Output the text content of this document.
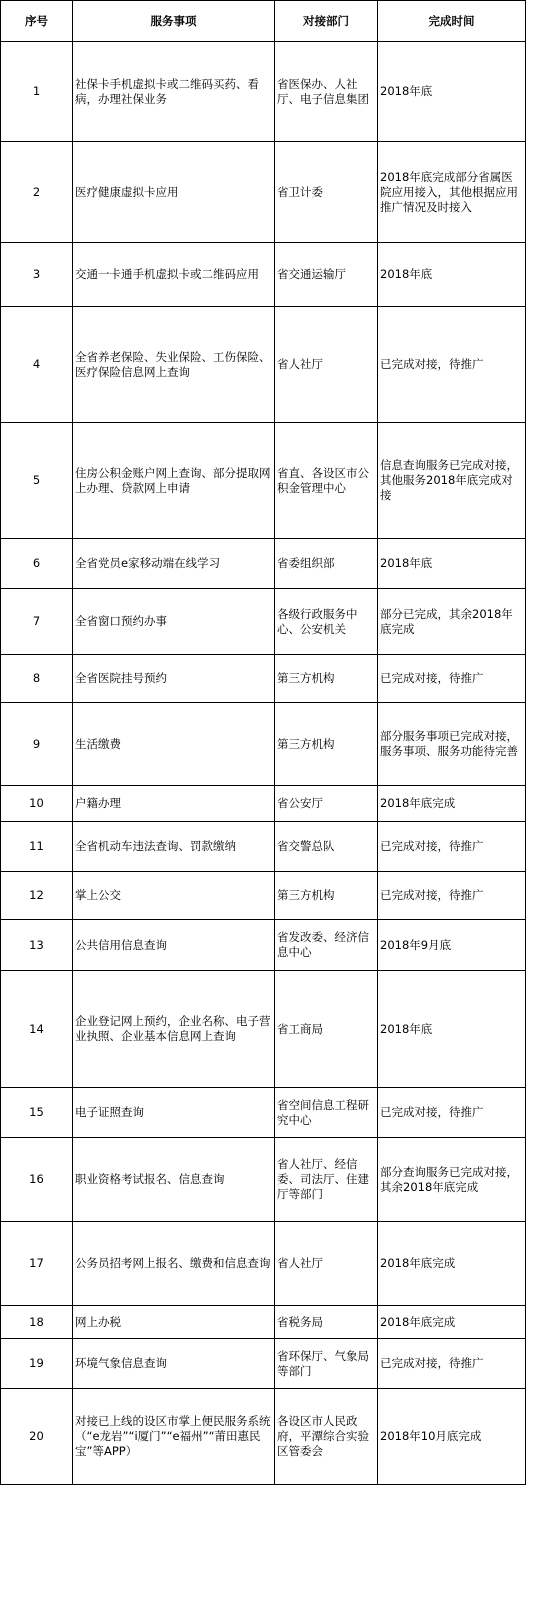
序号	服务事项	对接部门	完成时间
1	社保卡手机虚拟卡或二维码买药、看病，办理社保业务	省医保办、人社厅、电子信息集团	2018年底
2	医疗健康虚拟卡应用	省卫计委	2018年底完成部分省属医院应用接入，其他根据应用推广情况及时接入
3	交通一卡通手机虚拟卡或二维码应用	省交通运输厅	2018年底
4	全省养老保险、失业保险、工伤保险、医疗保险信息网上查询	省人社厅	已完成对接，待推广
5	住房公积金账户网上查询、部分提取网上办理、贷款网上申请	省直、各设区市公积金管理中心	信息查询服务已完成对接，其他服务2018年底完成对接
6	全省党员e家移动端在线学习	省委组织部	2018年底
7	全省窗口预约办事	各级行政服务中心、公安机关	部分已完成，其余2018年底完成
8	全省医院挂号预约	第三方机构	已完成对接，待推广
9	生活缴费	第三方机构	部分服务事项已完成对接，服务事项、服务功能待完善
10	户籍办理	省公安厅	2018年底完成
11	全省机动车违法查询、罚款缴纳	省交警总队	已完成对接，待推广
12	掌上公交	第三方机构	已完成对接，待推广
13	公共信用信息查询	省发改委、经济信息中心	2018年9月底
14	企业登记网上预约，企业名称、电子营业执照、企业基本信息网上查询	省工商局	2018年底
15	电子证照查询	省空间信息工程研究中心	已完成对接，待推广
16	职业资格考试报名、信息查询	省人社厅、经信委、司法厅、住建厅等部门	部分查询服务已完成对接，其余2018年底完成
17	公务员招考网上报名、缴费和信息查询	省人社厅	2018年底完成
18	网上办税	省税务局	2018年底完成
19	环境气象信息查询	省环保厅、气象局等部门	已完成对接，待推广
20	对接已上线的设区市掌上便民服务系统（“e龙岩”“i厦门”“e福州”“莆田惠民宝”等APP）	各设区市人民政府，平潭综合实验区管委会	2018年10月底完成
